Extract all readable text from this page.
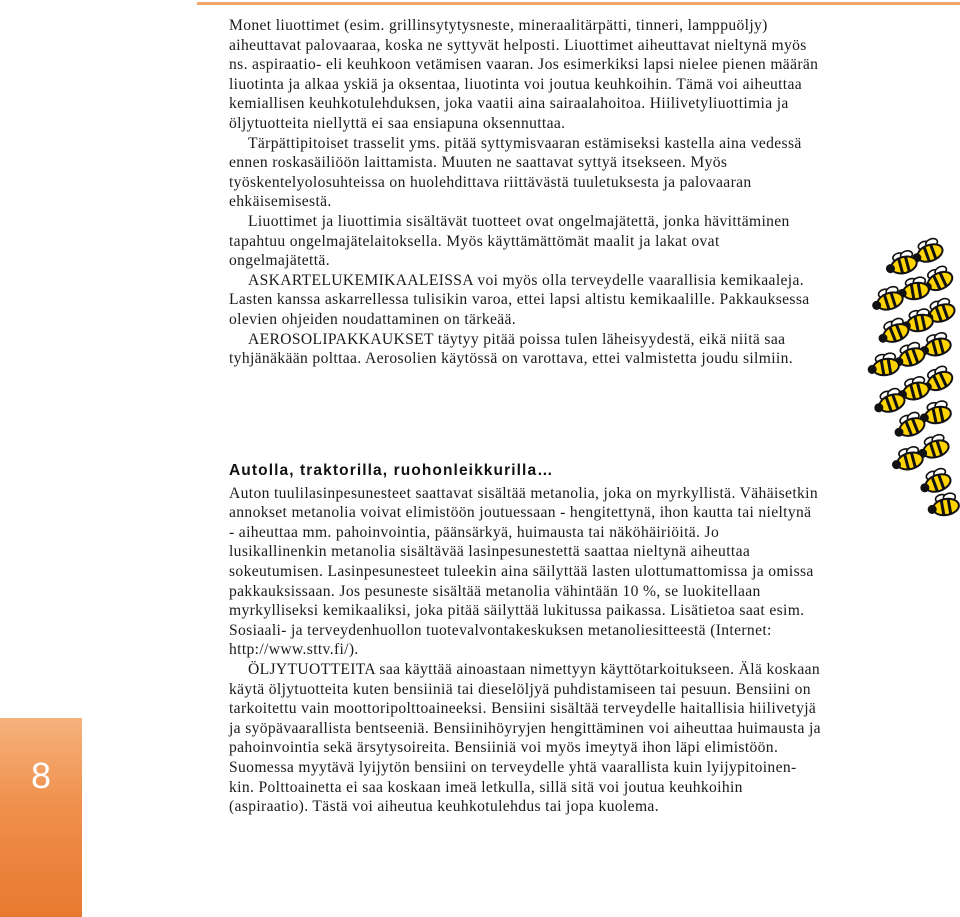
Monet liuottimet (esim. grillinsytytysneste, mineraalitärpätti, tinneri, lamppuöljy) aiheuttavat palovaaraa, koska ne syttyvät helposti. Liuottimet aiheuttavat nieltynä myös ns. aspiraatio- eli keuhkoon vetämisen vaaran. Jos esimerkiksi lapsi nielee pienen määrän liuotinta ja alkaa yskiä ja oksentaa, liuotinta voi joutua keuhkoihin. Tämä voi aiheuttaa kemiallisen keuhkotulehduksen, joka vaatii aina sairaalahoitoa. Hiilivetyliuottimia ja öljytuotteita niellyttä ei saa ensiapuna oksennuttaa.

Tärpättipitoiset trasselit yms. pitää syttymisvaaran estämiseksi kastella aina vedessä ennen roskasäiliöön laittamista. Muuten ne saattavat syttyä itsekseen. Myös työskentelyolosuhteissa on huolehdittava riittävästä tuuletuksesta ja palovaaran ehkäisemisestä.

Liuottimet ja liuottimia sisältävät tuotteet ovat ongelmajätettä, jonka hävittäminen tapahtuu ongelmajätelaitoksella. Myös käyttämättömät maalit ja lakat ovat ongelmajätettä.

ASKARTELUKEMIKAALEISSA voi myös olla terveydelle vaarallisia kemikaaleja. Lasten kanssa askarrellessa tulisikin varoa, ettei lapsi altistu kemikaalille. Pakkauksessa olevien ohjeiden noudattaminen on tärkeää.

AEROSOLIPAKKAUKSET täytyy pitää poissa tulen läheisyydestä, eikä niitä saa tyhjänäkään polttaa. Aerosolien käytössä on varottava, ettei valmistetta joudu silmiin.

Autolla, traktorilla, ruohonleikkurilla…

Auton tuulilasinpesunesteet saattavat sisältää metanolia, joka on myrkyllistä. Vähäisetkin annokset metanolia voivat elimistöön joutuessaan - hengitettynä, ihon kautta tai nieltynä - aiheuttaa mm. pahoinvointia, päänsärkyä, huimausta tai näköhäiriöitä. Jo lusikallinenkin metanolia sisältävää lasinpesunestettä saattaa nieltynä aiheuttaa sokeutumisen. Lasinpesunesteet tuleekin aina säilyttää lasten ulottumattomissa ja omissa pakkauksissaan. Jos pesuneste sisältää metanolia vähintään 10 %, se luokitellaan myrkylliseksi kemikaaliksi, joka pitää säilyttää lukitussa paikassa. Lisätietoa saat esim. Sosiaali- ja terveydenhuollon tuotevalvontakeskuksen metanoliesitteestä (Internet: http://www.sttv.fi/).

ÖLJYTUOTTEITA saa käyttää ainoastaan nimettyyn käyttötarkoitukseen. Älä koskaan käytä öljytuotteita kuten bensiiniä tai dieselöljyä puhdistamiseen tai pesuun. Bensiini on tarkoitettu vain moottoripolttoaineeksi. Bensiini sisältää terveydelle haitallisia hiilivetyjä ja syöpävaarallista bentseeniä. Bensiinihöyryjen hengittäminen voi aiheuttaa huimausta ja pahoinvointia sekä ärsytysoireita. Bensiiniä voi myös imeytyä ihon läpi elimistöön. Suomessa myytävä lyijytön bensiini on terveydelle yhtä vaarallista kuin lyijypitoinen- kin. Polttoainetta ei saa koskaan imeä letkulla, sillä sitä voi joutua keuhkoihin (aspiraatio). Tästä voi aiheutua keuhkotulehdus tai jopa kuolema.

8
